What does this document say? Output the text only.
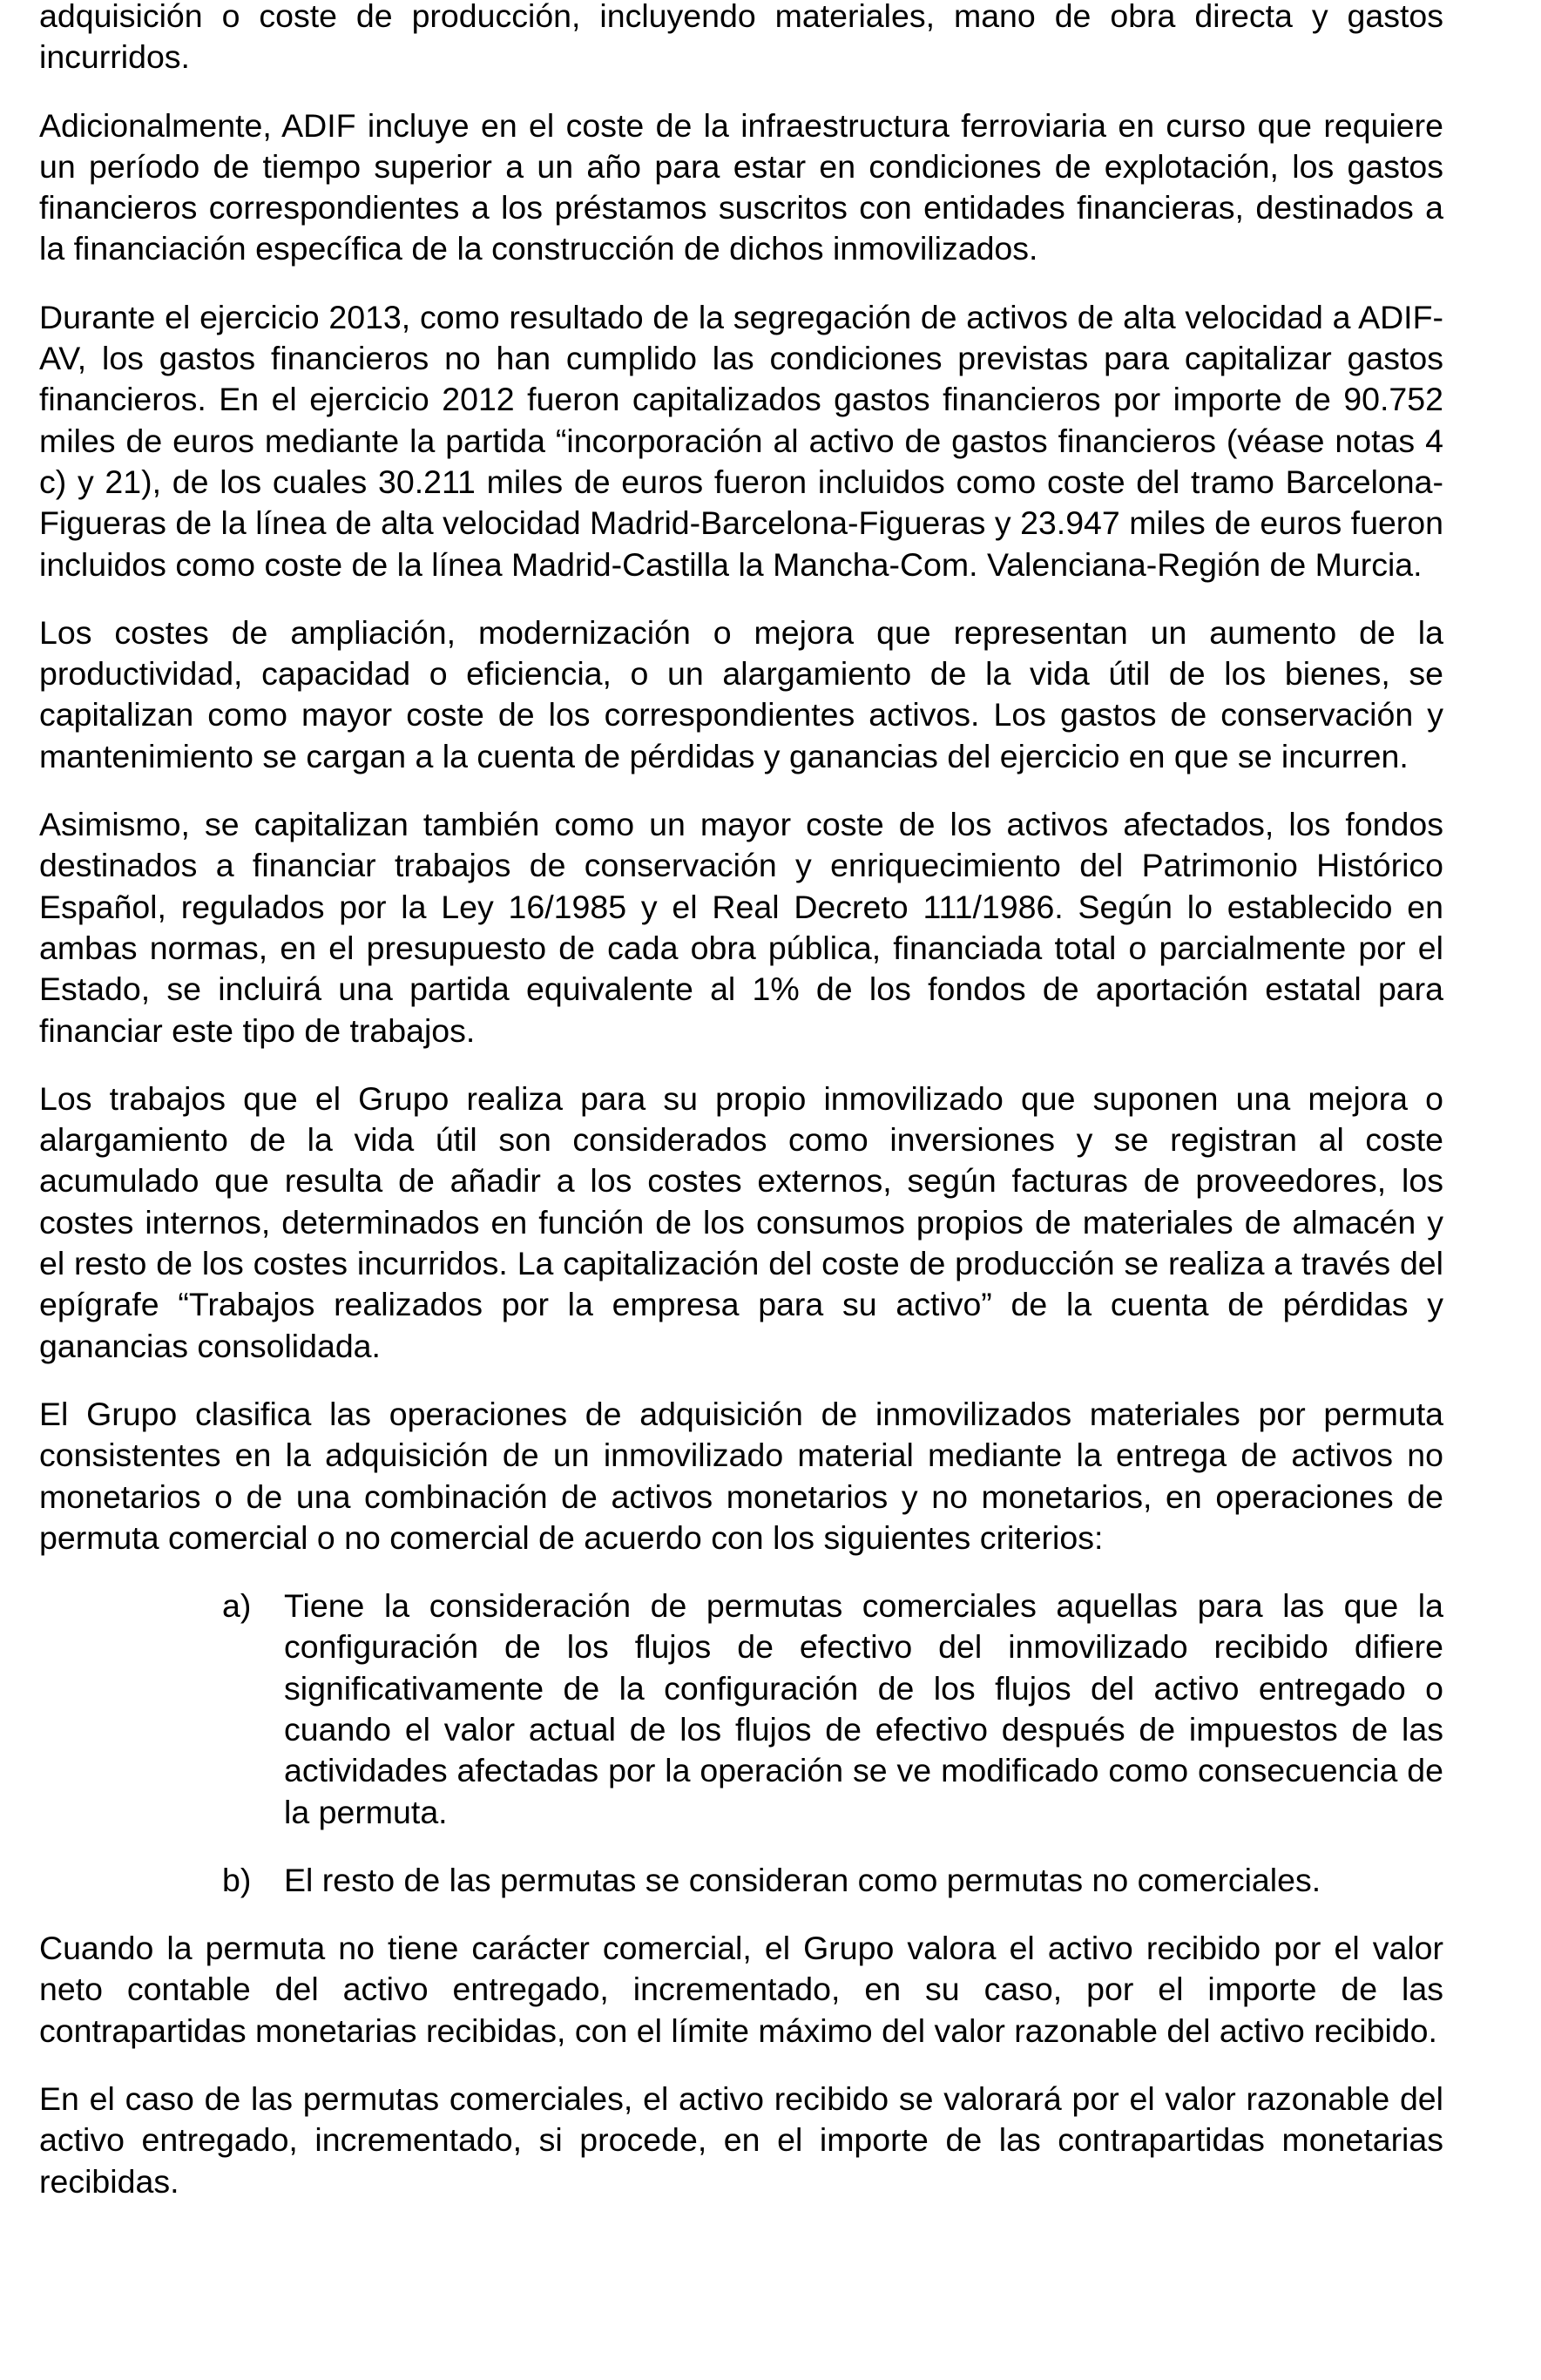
adquisición o coste de producción, incluyendo materiales, mano de obra directa y gastos incurridos.

Adicionalmente, ADIF incluye en el coste de la infraestructura ferroviaria en curso que requiere un período de tiempo superior a un año para estar en condiciones de explotación, los gastos financieros correspondientes a los préstamos suscritos con entidades financieras, destinados a la financiación específica de la construcción de dichos inmovilizados.

Durante el ejercicio 2013, como resultado de la segregación de activos de alta velocidad a ADIF-AV, los gastos financieros no han cumplido las condiciones previstas para capitalizar gastos financieros. En el ejercicio 2012 fueron capitalizados gastos financieros por importe de 90.752 miles de euros mediante la partida “incorporación al activo de gastos financieros (véase notas 4 c) y 21), de los cuales 30.211 miles de euros fueron incluidos como coste del tramo Barcelona-Figueras de la línea de alta velocidad Madrid-Barcelona-Figueras y 23.947 miles de euros fueron incluidos como coste de la línea Madrid-Castilla la Mancha-Com. Valenciana-Región de Murcia.

Los costes de ampliación, modernización o mejora que representan un aumento de la productividad, capacidad o eficiencia, o un alargamiento de la vida útil de los bienes, se capitalizan como mayor coste de los correspondientes activos. Los gastos de conservación y mantenimiento se cargan a la cuenta de pérdidas y ganancias del ejercicio en que se incurren.

Asimismo, se capitalizan también como un mayor coste de los activos afectados, los fondos destinados a financiar trabajos de conservación y enriquecimiento del Patrimonio Histórico Español, regulados por la Ley 16/1985 y el Real Decreto 111/1986. Según lo establecido en ambas normas, en el presupuesto de cada obra pública, financiada total o parcialmente por el Estado, se incluirá una partida equivalente al 1% de los fondos de aportación estatal para financiar este tipo de trabajos.

Los trabajos que el Grupo realiza para su propio inmovilizado que suponen una mejora o alargamiento de la vida útil son considerados como inversiones y se registran al coste acumulado que resulta de añadir a los costes externos, según facturas de proveedores, los costes internos, determinados en función de los consumos propios de materiales de almacén y el resto de los costes incurridos. La capitalización del coste de producción se realiza a través del epígrafe “Trabajos realizados por la empresa para su activo” de la cuenta de pérdidas y ganancias consolidada.

El Grupo clasifica las operaciones de adquisición de inmovilizados materiales por permuta consistentes en la adquisición de un inmovilizado material mediante la entrega de activos no monetarios o de una combinación de activos monetarios y no monetarios, en operaciones de permuta comercial o no comercial de acuerdo con los siguientes criterios:

a)	Tiene la consideración de permutas comerciales aquellas para las que la configuración de los flujos de efectivo del inmovilizado recibido difiere significativamente de la configuración de los flujos del activo entregado o cuando el valor actual de los flujos de efectivo después de impuestos de las actividades afectadas por la operación se ve modificado como consecuencia de la permuta.
b)	El resto de las permutas se consideran como permutas no comerciales.

Cuando la permuta no tiene carácter comercial, el Grupo valora el activo recibido por el valor neto contable del activo entregado, incrementado, en su caso, por el importe de las contrapartidas monetarias recibidas, con el límite máximo del valor razonable del activo recibido.

En el caso de las permutas comerciales, el activo recibido se valorará por el valor razonable del activo entregado, incrementado, si procede, en el importe de las contrapartidas monetarias recibidas.
